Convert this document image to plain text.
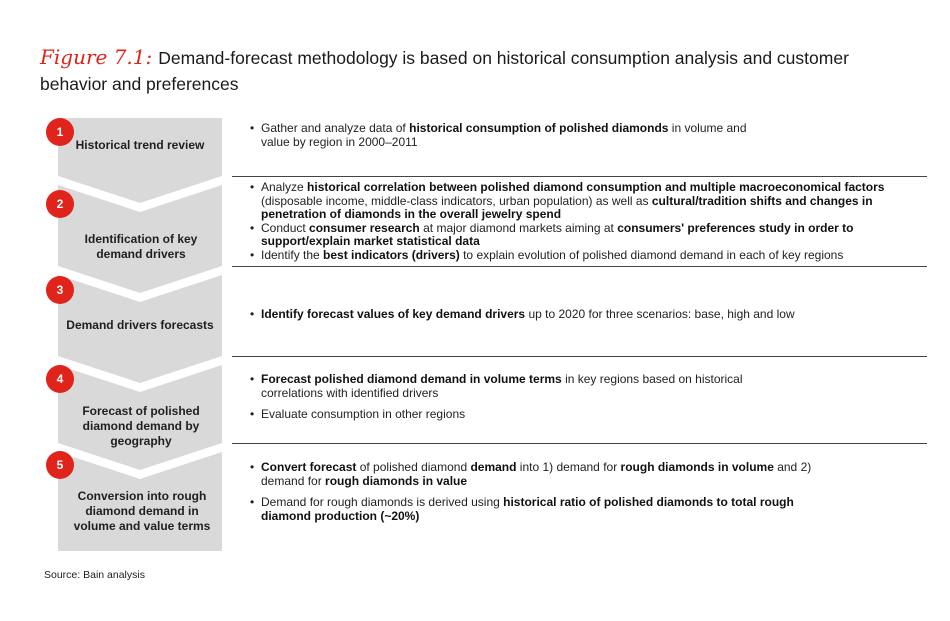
Figure 7.1: Demand-forecast methodology is based on historical consumption analysis and customer behavior and preferences
1
2
3
4
5
Historical trend review
Identification of key demand drivers
Demand drivers forecasts
Forecast of polished diamond demand by geography
Conversion into rough diamond demand in volume and value terms

• Gather and analyze data of historical consumption of polished diamonds in volume and value by region in 2000–2011

• Analyze historical correlation between polished diamond consumption and multiple macroeconomical factors (disposable income, middle-class indicators, urban population) as well as cultural/tradition shifts and changes in penetration of diamonds in the overall jewelry spend

• Conduct consumer research at major diamond markets aiming at consumers' preferences study in order to support/explain market statistical data

• Identify the best indicators (drivers) to explain evolution of polished diamond demand in each of key regions

• Identify forecast values of key demand drivers up to 2020 for three scenarios: base, high and low

• Forecast polished diamond demand in volume terms in key regions based on historical correlations with identified drivers

• Evaluate consumption in other regions

• Convert forecast of polished diamond demand into 1) demand for rough diamonds in volume and 2) demand for rough diamonds in value

• Demand for rough diamonds is derived using historical ratio of polished diamonds to total rough diamond production (~20%)

Source: Bain analysis
